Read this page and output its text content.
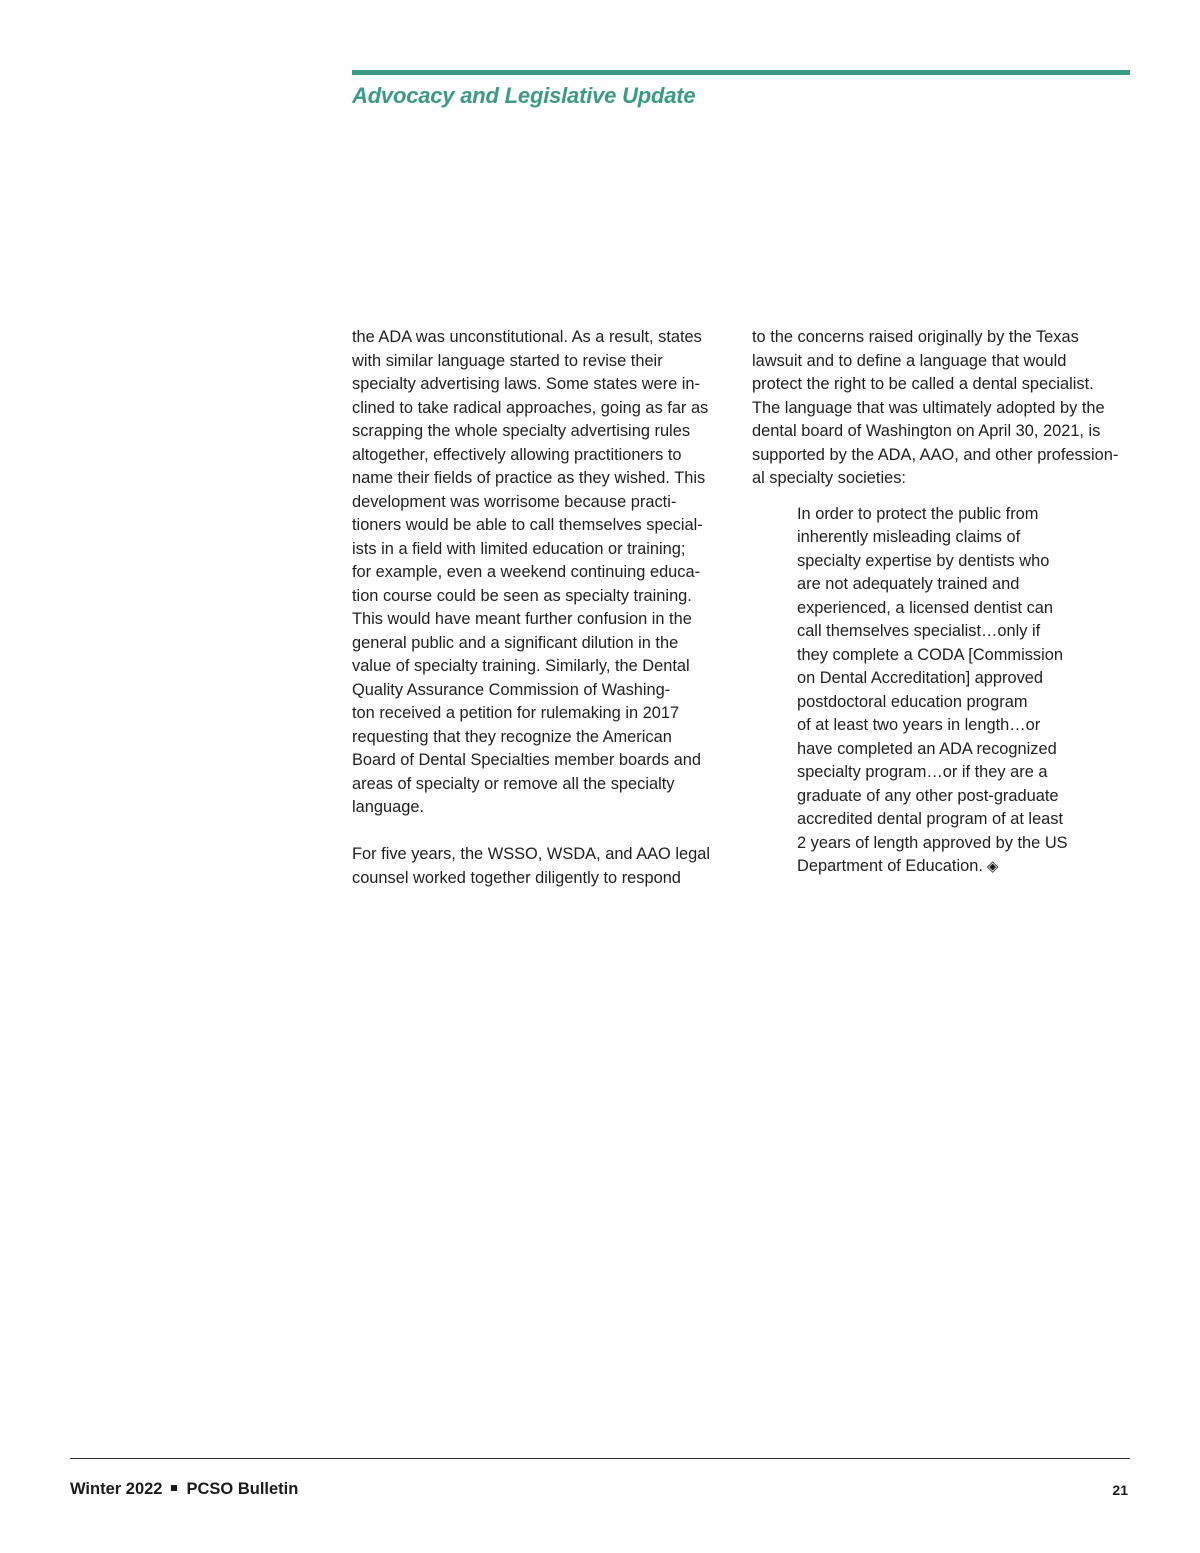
Advocacy and Legislative Update
the ADA was unconstitutional. As a result, states
with similar language started to revise their
specialty advertising laws. Some states were in-
clined to take radical approaches, going as far as
scrapping the whole specialty advertising rules
altogether, effectively allowing practitioners to
name their fields of practice as they wished. This
development was worrisome because practi-
tioners would be able to call themselves special-
ists in a field with limited education or training;
for example, even a weekend continuing educa-
tion course could be seen as specialty training.
This would have meant further confusion in the
general public and a significant dilution in the
value of specialty training. Similarly, the Dental
Quality Assurance Commission of Washing-
ton received a petition for rulemaking in 2017
requesting that they recognize the American
Board of Dental Specialties member boards and
areas of specialty or remove all the specialty
language.
For five years, the WSSO, WSDA, and AAO legal
counsel worked together diligently to respond
to the concerns raised originally by the Texas
lawsuit and to define a language that would
protect the right to be called a dental specialist.
The language that was ultimately adopted by the
dental board of Washington on April 30, 2021, is
supported by the ADA, AAO, and other profession-
al specialty societies:
In order to protect the public from
inherently misleading claims of
specialty expertise by dentists who
are not adequately trained and
experienced, a licensed dentist can
call themselves specialist…only if
they complete a CODA [Commission
on Dental Accreditation] approved
postdoctoral education program
of at least two years in length…or
have completed an ADA recognized
specialty program…or if they are a
graduate of any other post-graduate
accredited dental program of at least
2 years of length approved by the US
Department of Education. ◈
Winter 2022 PCSO Bulletin	21
